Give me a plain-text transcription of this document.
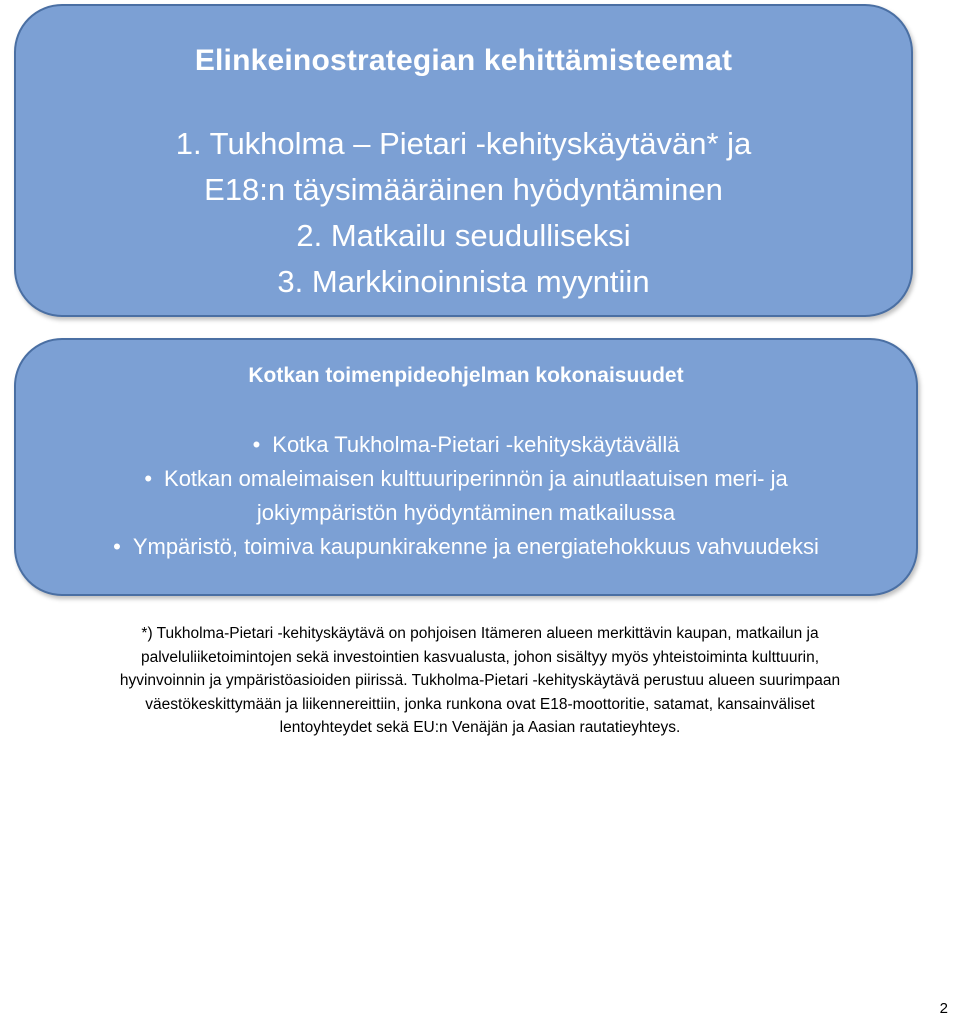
Elinkeinostrategian kehittämisteemat
1. Tukholma – Pietari -kehityskäytävän* ja
E18:n täysimääräinen hyödyntäminen
2. Matkailu seudulliseksi
3. Markkinoinnista myyntiin
Kotkan toimenpideohjelman kokonaisuudet
• Kotka Tukholma-Pietari -kehityskäytävällä
• Kotkan omaleimaisen kulttuuriperinnön ja ainutlaatuisen meri- ja
jokiympäristön hyödyntäminen matkailussa
• Ympäristö, toimiva kaupunkirakenne ja energiatehokkuus vahvuudeksi
*) Tukholma-Pietari -kehityskäytävä on pohjoisen Itämeren alueen merkittävin kaupan, matkailun ja
palveluliiketoimintojen sekä investointien kasvualusta, johon sisältyy myös yhteistoiminta kulttuurin,
hyvinvoinnin ja ympäristöasioiden piirissä. Tukholma-Pietari -kehityskäytävä perustuu alueen suurimpaan
väestökeskittymään ja liikennereittiin, jonka runkona ovat E18-moottoritie, satamat, kansainväliset
lentoyhteydet sekä EU:n Venäjän ja Aasian rautatieyhteys.
2
